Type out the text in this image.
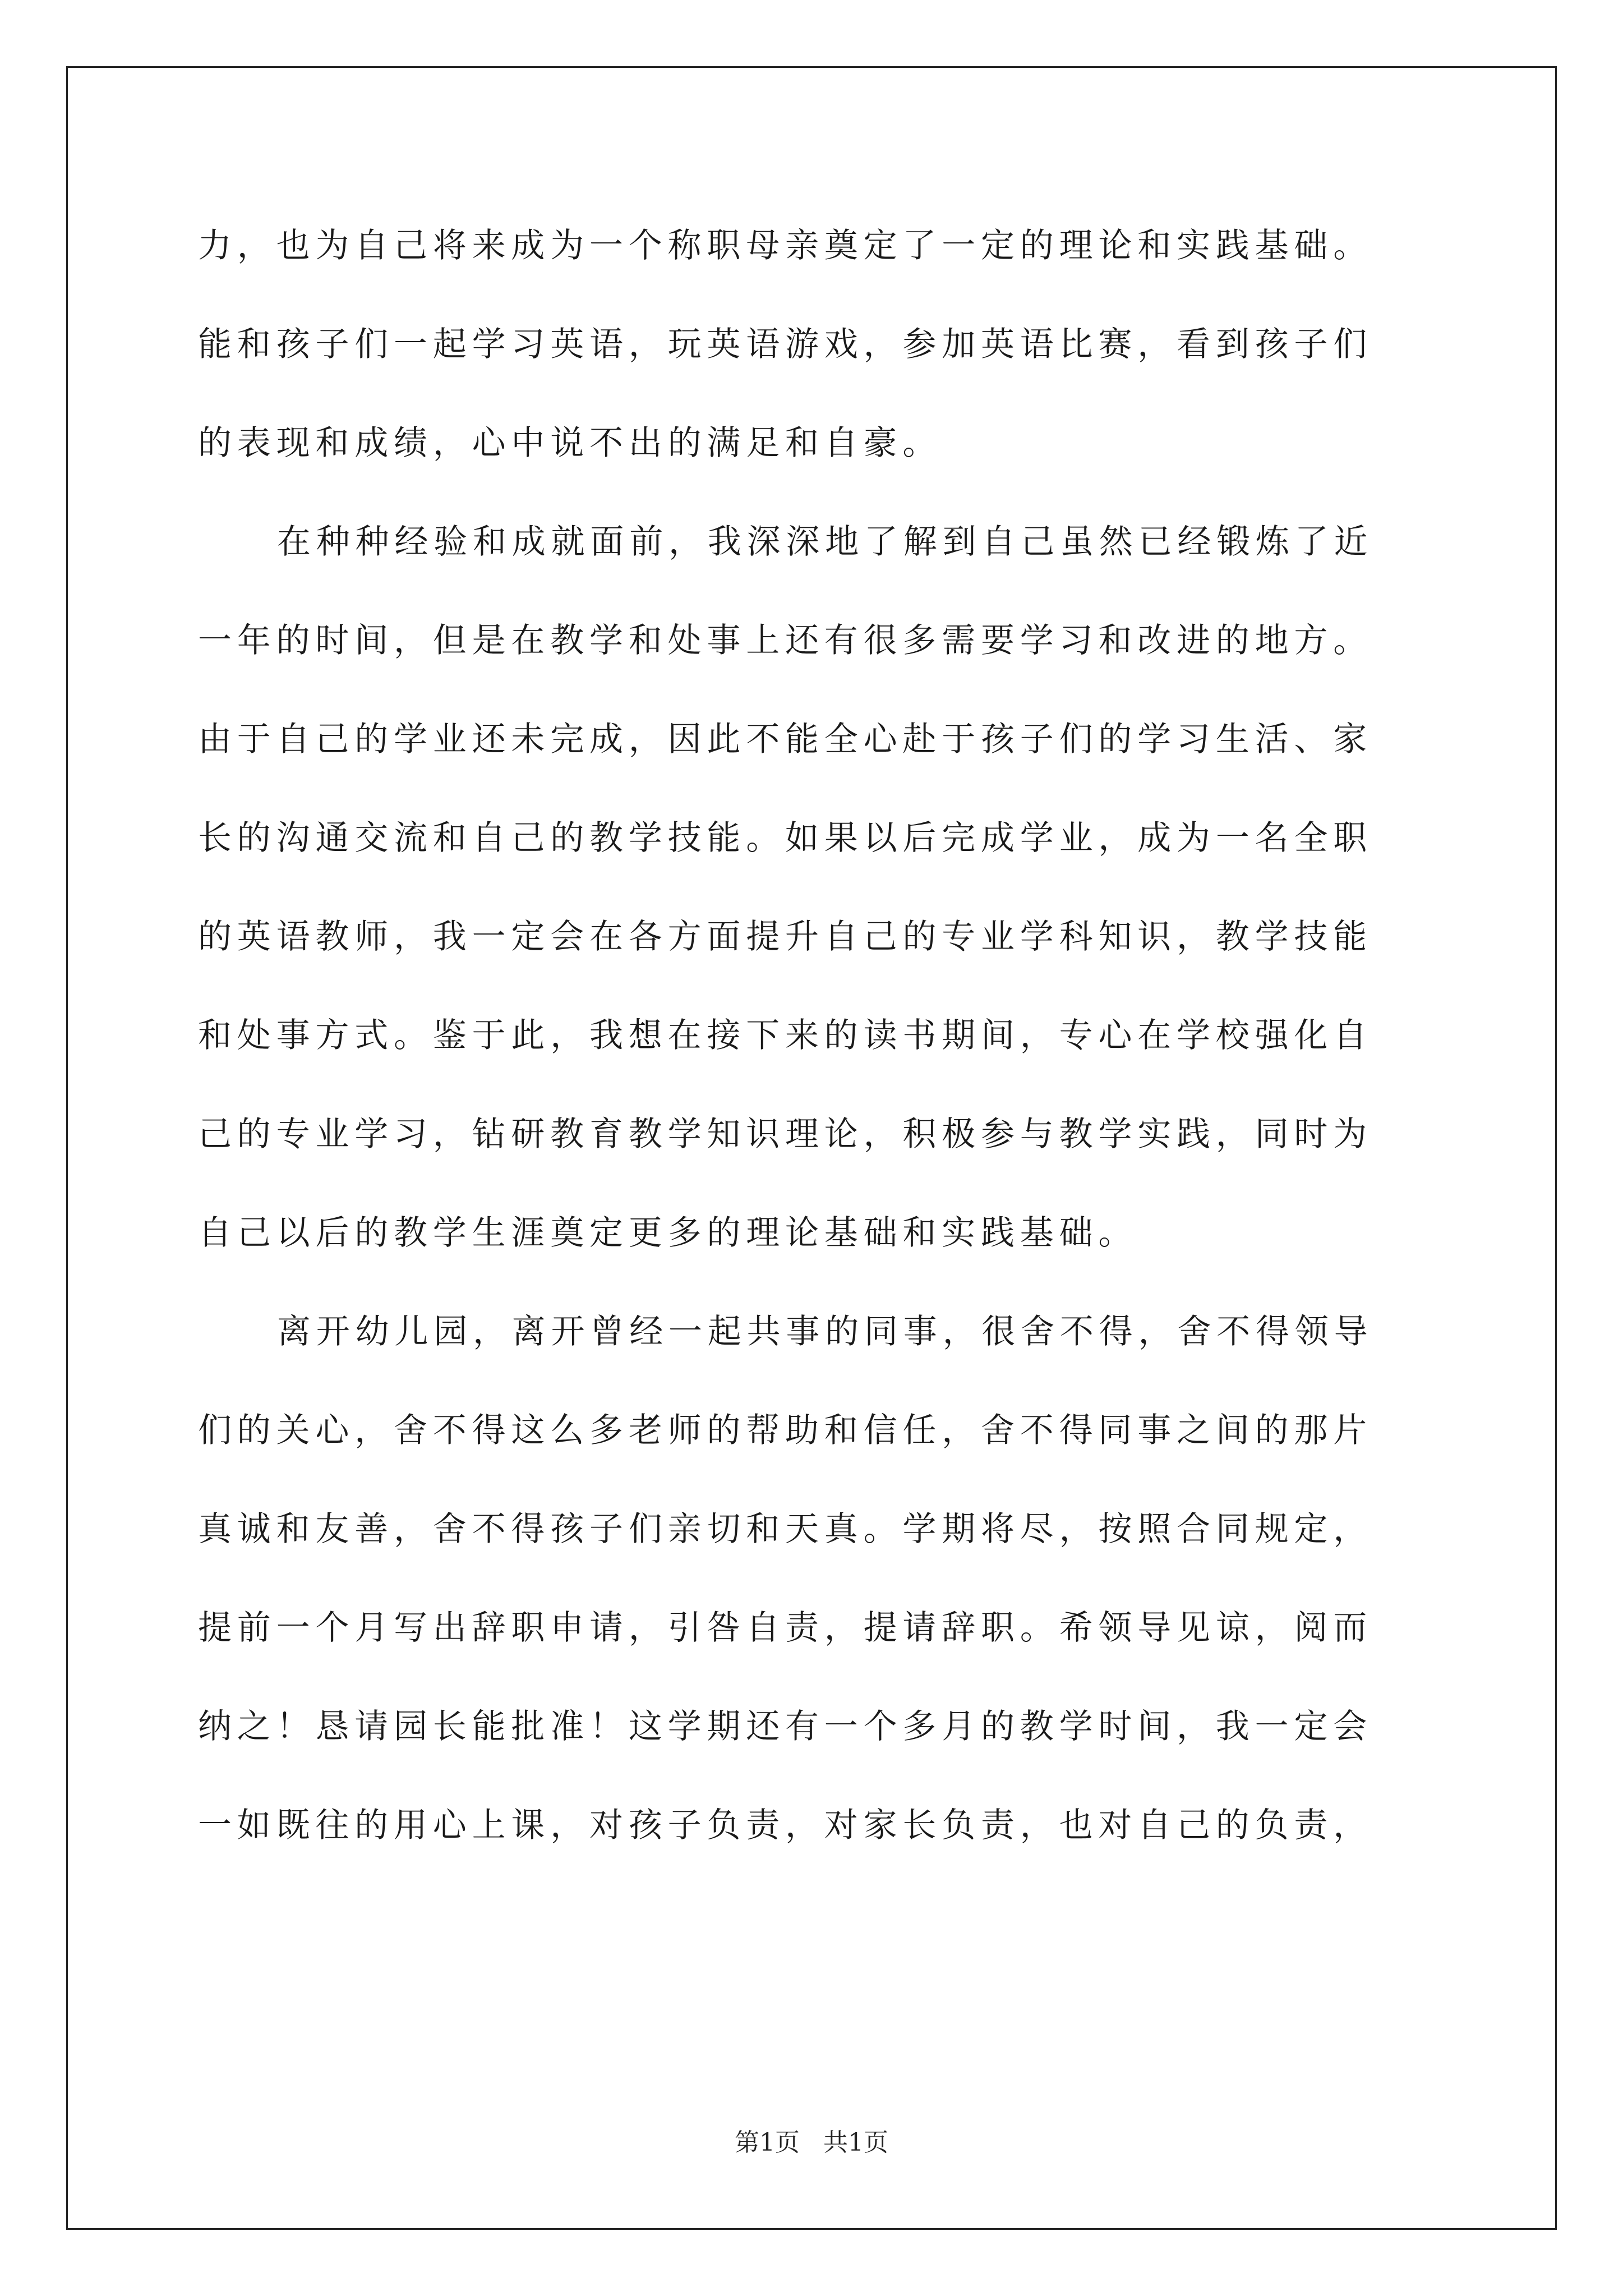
力，也为自己将来成为一个称职母亲奠定了一定的理论和实践基础。
能和孩子们一起学习英语，玩英语游戏，参加英语比赛，看到孩子们
的表现和成绩，心中说不出的满足和自豪。
在种种经验和成就面前，我深深地了解到自己虽然已经锻炼了近
一年的时间，但是在教学和处事上还有很多需要学习和改进的地方。
由于自己的学业还未完成，因此不能全心赴于孩子们的学习生活、家
长的沟通交流和自己的教学技能。如果以后完成学业，成为一名全职
的英语教师，我一定会在各方面提升自己的专业学科知识，教学技能
和处事方式。鉴于此，我想在接下来的读书期间，专心在学校强化自
己的专业学习，钻研教育教学知识理论，积极参与教学实践，同时为
自己以后的教学生涯奠定更多的理论基础和实践基础。
离开幼儿园，离开曾经一起共事的同事，很舍不得，舍不得领导
们的关心，舍不得这么多老师的帮助和信任，舍不得同事之间的那片
真诚和友善，舍不得孩子们亲切和天真。学期将尽，按照合同规定，
提前一个月写出辞职申请，引咎自责，提请辞职。希领导见谅，阅而
纳之！恳请园长能批准！这学期还有一个多月的教学时间，我一定会
一如既往的用心上课，对孩子负责，对家长负责，也对自己的负责，
第1页 共1页
